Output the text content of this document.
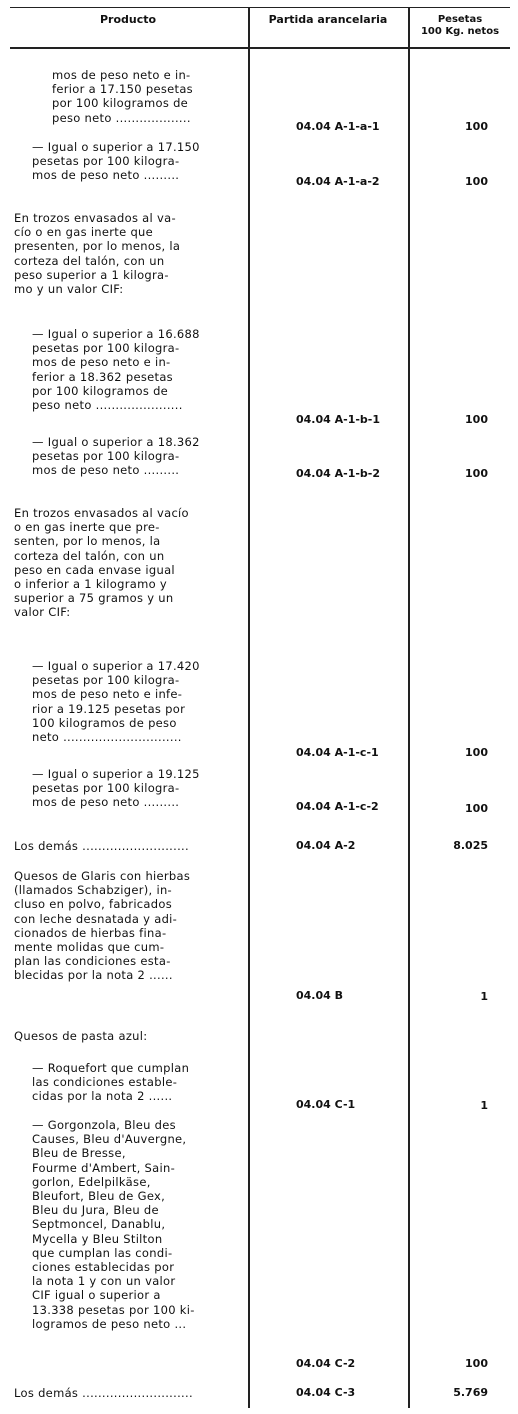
Producto	Partida arancelaria	Pesetas
100 Kg. netos
mos de peso neto e in-
ferior a 17.150 pesetas
por 100 kilogramos de
peso neto ...................
04.04 A-1-a-1	100
— Igual o superior a 17.150
pesetas por 100 kilogra-
mos de peso neto .........	04.04 A-1-a-2	100
En trozos envasados al va-
cío o en gas inerte que
presenten, por lo menos, la
corteza del talón, con un
peso superior a 1 kilogra-
mo y un valor CIF:
— Igual o superior a 16.688
pesetas por 100 kilogra-
mos de peso neto e in-
ferior a 18.362 pesetas
por 100 kilogramos de
peso neto ......................
04.04 A-1-b-1	100
— Igual o superior a 18.362
pesetas por 100 kilogra-
mos de peso neto .........	04.04 A-1-b-2	100
En trozos envasados al vacío
o en gas inerte que pre-
senten, por lo menos, la
corteza del talón, con un
peso en cada envase igual
o inferior a 1 kilogramo y
superior a 75 gramos y un
valor CIF:
— Igual o superior a 17.420
pesetas por 100 kilogra-
mos de peso neto e infe-
rior a 19.125 pesetas por
100 kilogramos de peso
neto ..............................
04.04 A-1-c-1	100
— Igual o superior a 19.125
pesetas por 100 kilogra-
mos de peso neto .........	04.04 A-1-c-2	100
Los demás ...........................	04.04 A-2	8.025
Quesos de Glaris con hierbas
(llamados Schabziger), in-
cluso en polvo, fabricados
con leche desnatada y adi-
cionados de hierbas fina-
mente molidas que cum-
plan las condiciones esta-
blecidas por la nota 2 ......
04.04 B	1
Quesos de pasta azul:
— Roquefort que cumplan
las condiciones estable-
cidas por la nota 2 ......
04.04 C-1	1
— Gorgonzola, Bleu des
Causes, Bleu d'Auvergne,
Bleu de Bresse,
Fourme d'Ambert, Sain-
gorlon, Edelpilkäse,
Bleufort, Bleu de Gex,
Bleu du Jura, Bleu de
Septmoncel, Danablu,
Mycella y Bleu Stilton
que cumplan las condi-
ciones establecidas por
la nota 1 y con un valor
CIF igual o superior a
13.338 pesetas por 100 ki-
logramos de peso neto ...
04.04 C-2	100
Los demás ............................	04.04 C-3	5.769
